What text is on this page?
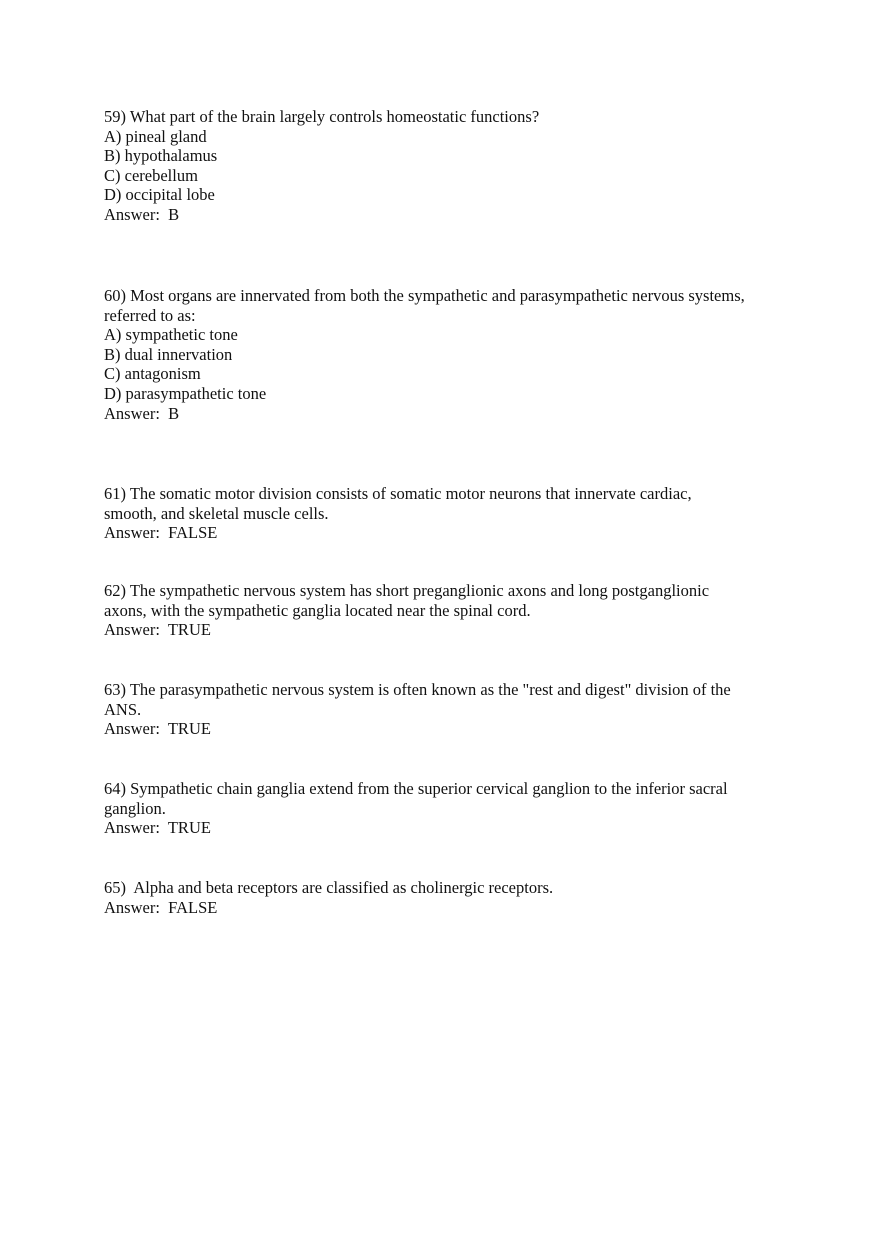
59) What part of the brain largely controls homeostatic functions?
A) pineal gland
B) hypothalamus
C) cerebellum
D) occipital lobe
Answer:  B
60) Most organs are innervated from both the sympathetic and parasympathetic nervous systems,
referred to as:
A) sympathetic tone
B) dual innervation
C) antagonism
D) parasympathetic tone
Answer:  B
61) The somatic motor division consists of somatic motor neurons that innervate cardiac,
smooth, and skeletal muscle cells.
Answer:  FALSE
62) The sympathetic nervous system has short preganglionic axons and long postganglionic
axons, with the sympathetic ganglia located near the spinal cord.
Answer:  TRUE
63) The parasympathetic nervous system is often known as the "rest and digest" division of the
ANS.
Answer:  TRUE
64) Sympathetic chain ganglia extend from the superior cervical ganglion to the inferior sacral
ganglion.
Answer:  TRUE
65)  Alpha and beta receptors are classified as cholinergic receptors.
Answer:  FALSE
